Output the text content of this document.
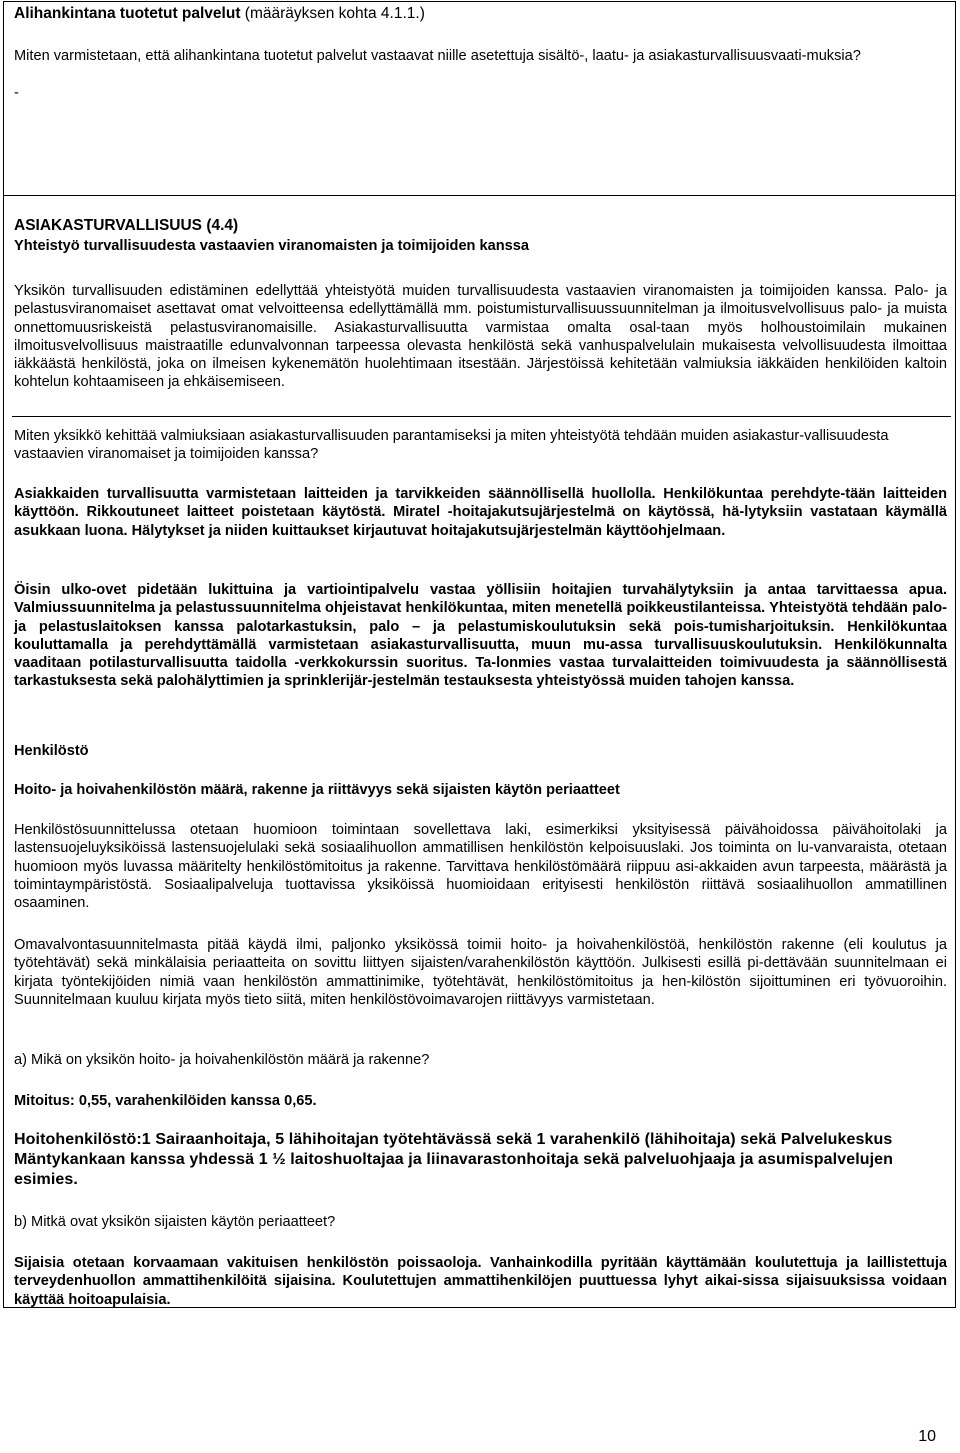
Alihankintana tuotetut palvelut (määräyksen kohta 4.1.1.)

Miten varmistetaan, että alihankintana tuotetut palvelut vastaavat niille asetettuja sisältö-, laatu- ja asiakasturvallisuusvaati-muksia?

-

ASIAKASTURVALLISUUS (4.4)

Yhteistyö turvallisuudesta vastaavien viranomaisten ja toimijoiden kanssa

Yksikön turvallisuuden edistäminen edellyttää yhteistyötä muiden turvallisuudesta vastaavien viranomaisten ja toimijoiden kanssa. Palo- ja pelastusviranomaiset asettavat omat velvoitteensa edellyttämällä mm. poistumisturvallisuussuunnitelman ja ilmoitusvelvollisuus palo- ja muista onnettomuusriskeistä pelastusviranomaisille. Asiakasturvallisuutta varmistaa omalta osal-taan myös holhoustoimilain mukainen ilmoitusvelvollisuus maistraatille edunvalvonnan tarpeessa olevasta henkilöstä sekä vanhuspalvelulain mukaisesta velvollisuudesta ilmoittaa iäkkäästä henkilöstä, joka on ilmeisen kykenemätön huolehtimaan itsestään. Järjestöissä kehitetään valmiuksia iäkkäiden henkilöiden kaltoin kohtelun kohtaamiseen ja ehkäisemiseen.

Miten yksikkö kehittää valmiuksiaan asiakasturvallisuuden parantamiseksi ja miten yhteistyötä tehdään muiden asiakastur-vallisuudesta vastaavien viranomaiset ja toimijoiden kanssa?

Asiakkaiden turvallisuutta varmistetaan laitteiden ja tarvikkeiden säännöllisellä huollolla. Henkilökuntaa perehdyte-tään laitteiden käyttöön. Rikkoutuneet laitteet poistetaan käytöstä. Miratel -hoitajakutsujärjestelmä on käytössä, hä-lytyksiin vastataan käymällä asukkaan luona. Hälytykset ja niiden kuittaukset kirjautuvat hoitajakutsujärjestelmän käyttöohjelmaan.

Öisin ulko-ovet pidetään lukittuina ja vartiointipalvelu vastaa yöllisiin hoitajien turvahälytyksiin ja antaa tarvittaessa apua. Valmiussuunnitelma ja pelastussuunnitelma ohjeistavat henkilökuntaa, miten menetellä poikkeustilanteissa. Yhteistyötä tehdään palo- ja pelastuslaitoksen kanssa palotarkastuksin, palo – ja pelastumiskoulutuksin sekä pois-tumisharjoituksin. Henkilökuntaa kouluttamalla ja perehdyttämällä varmistetaan asiakasturvallisuutta, muun mu-assa turvallisuuskoulutuksin. Henkilökunnalta vaaditaan potilasturvallisuutta taidolla -verkkokurssin suoritus. Ta-lonmies vastaa turvalaitteiden toimivuudesta ja säännöllisestä tarkastuksesta sekä palohälyttimien ja sprinklerijär-jestelmän testauksesta yhteistyössä muiden tahojen kanssa.

Henkilöstö

Hoito- ja hoivahenkilöstön määrä, rakenne ja riittävyys sekä sijaisten käytön periaatteet

Henkilöstösuunnittelussa otetaan huomioon toimintaan sovellettava laki, esimerkiksi yksityisessä päivähoidossa päivähoitolaki ja lastensuojeluyksiköissä lastensuojelulaki sekä sosiaalihuollon ammatillisen henkilöstön kelpoisuuslaki. Jos toiminta on lu-vanvaraista, otetaan huomioon myös luvassa määritelty henkilöstömitoitus ja rakenne. Tarvittava henkilöstömäärä riippuu asi-akkaiden avun tarpeesta, määrästä ja toimintaympäristöstä. Sosiaalipalveluja tuottavissa yksiköissä huomioidaan erityisesti henkilöstön riittävä sosiaalihuollon ammatillinen osaaminen.

Omavalvontasuunnitelmasta pitää käydä ilmi, paljonko yksikössä toimii hoito- ja hoivahenkilöstöä, henkilöstön rakenne (eli koulutus ja työtehtävät) sekä minkälaisia periaatteita on sovittu liittyen sijaisten/varahenkilöstön käyttöön. Julkisesti esillä pi-dettävään suunnitelmaan ei kirjata työntekijöiden nimiä vaan henkilöstön ammattinimike, työtehtävät, henkilöstömitoitus ja hen-kilöstön sijoittuminen eri työvuoroihin. Suunnitelmaan kuuluu kirjata myös tieto siitä, miten henkilöstövoimavarojen riittävyys varmistetaan.

a) Mikä on yksikön hoito- ja hoivahenkilöstön määrä ja rakenne?

Mitoitus: 0,55, varahenkilöiden kanssa 0,65.

Hoitohenkilöstö:1 Sairaanhoitaja, 5 lähihoitajan työtehtävässä sekä 1 varahenkilö (lähihoitaja) sekä Palvelukeskus Mäntykankaan kanssa yhdessä 1 ½ laitoshuoltajaa ja liinavarastonhoitaja sekä palveluohjaaja ja asumispalvelujen esimies.

b) Mitkä ovat yksikön sijaisten käytön periaatteet?

Sijaisia otetaan korvaamaan vakituisen henkilöstön poissaoloja. Vanhainkodilla pyritään käyttämään koulutettuja ja laillistettuja terveydenhuollon ammattihenkilöitä sijaisina. Koulutettujen ammattihenkilöjen puuttuessa lyhyt aikai-sissa sijaisuuksissa voidaan käyttää hoitoapulaisia.

10
